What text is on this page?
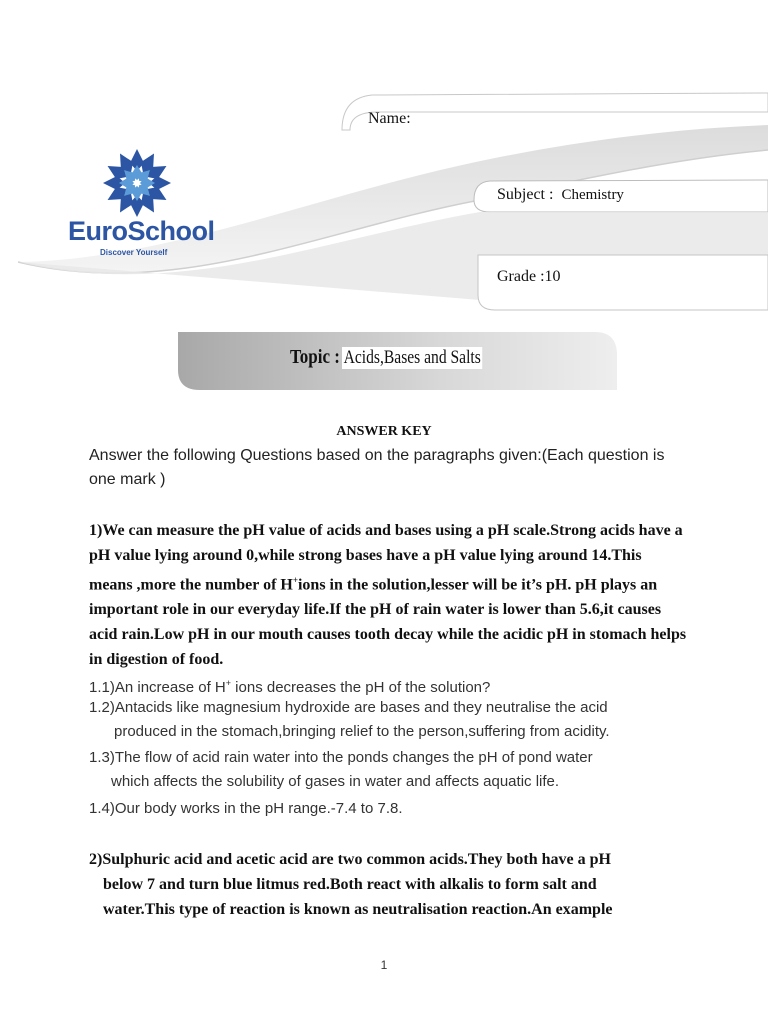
EuroSchool
Discover Yourself
Name:
Subject : Chemistry
Grade :10
Topic : Acids,Bases and Salts
ANSWER KEY
Answer the following Questions based on the paragraphs given:(Each question is one mark )
1)We can measure the pH value of acids and bases using a pH scale.Strong acids have a pH value lying around 0,while strong bases have a pH value lying around 14.This means ,more the number of H+ions in the solution,lesser will be it’s pH. pH plays an important role in our everyday life.If the pH of rain water is lower than 5.6,it causes acid rain.Low pH in our mouth causes tooth decay while the acidic pH in stomach helps in digestion of food.
1.1)An increase of H+ ions decreases the pH of the solution?
1.2)Antacids like magnesium hydroxide are bases and they neutralise the acid
produced in the stomach,bringing relief to the person,suffering from acidity.
1.3)The flow of acid rain water into the ponds changes the pH of pond water
which affects the solubility of gases in water and affects aquatic life.
1.4)Our body works in the pH range.-7.4 to 7.8.
2)Sulphuric acid and acetic acid are two common acids.They both have a pH
below 7 and turn blue litmus red.Both react with alkalis to form salt and
water.This type of reaction is known as neutralisation reaction.An example
1
